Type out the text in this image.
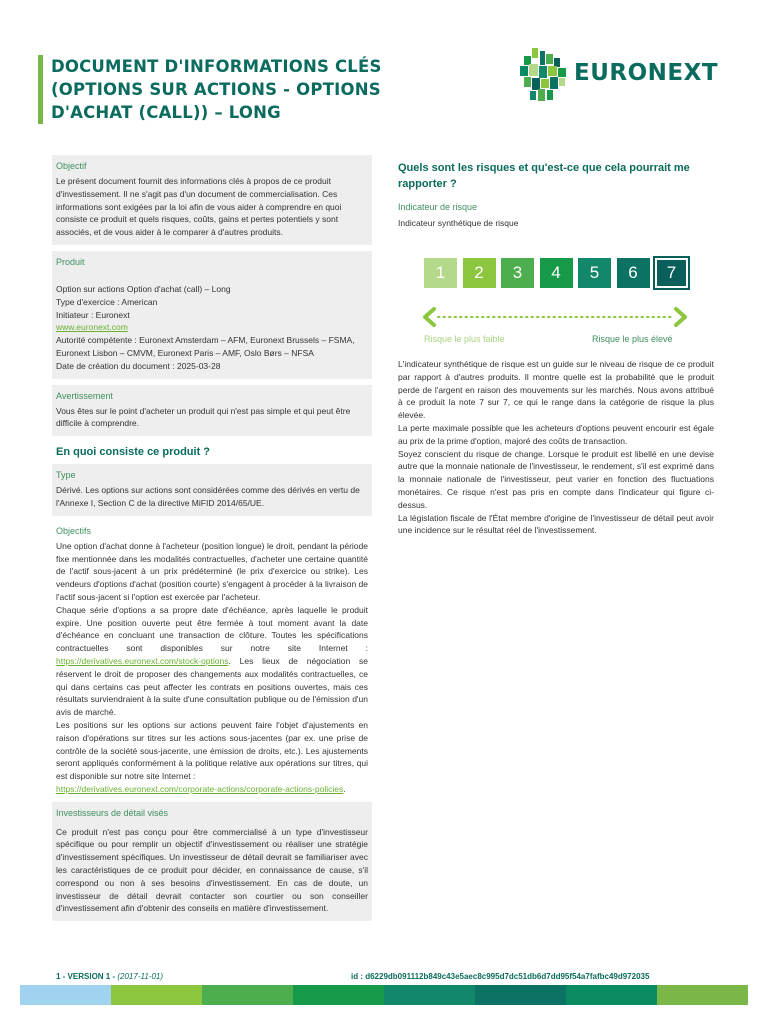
DOCUMENT D'INFORMATIONS CLÉS (OPTIONS SUR ACTIONS - OPTIONS D'ACHAT (CALL)) – LONG
EURONEXT
Objectif
Le présent document fournit des informations clés à propos de ce produit d'investissement. Il ne s'agit pas d'un document de commercialisation. Ces informations sont exigées par la loi afin de vous aider à comprendre en quoi consiste ce produit et quels risques, coûts, gains et pertes potentiels y sont associés, et de vous aider à le comparer à d'autres produits.
Produit
Option sur actions Option d'achat (call) – Long
Type d'exercice : American
Initiateur : Euronext
www.euronext.com
Autorité compétente : Euronext Amsterdam – AFM, Euronext Brussels – FSMA, Euronext Lisbon – CMVM, Euronext Paris – AMF, Oslo Børs – NFSA
Date de création du document : 2025-03-28
Avertissement
Vous êtes sur le point d'acheter un produit qui n'est pas simple et qui peut être difficile à comprendre.
En quoi consiste ce produit ?
Type
Dérivé. Les options sur actions sont considérées comme des dérivés en vertu de l'Annexe I, Section C de la directive MiFID 2014/65/UE.
Objectifs
Une option d'achat donne à l'acheteur (position longue) le droit, pendant la période fixe mentionnée dans les modalités contractuelles, d'acheter une certaine quantité de l'actif sous-jacent à un prix prédéterminé (le prix d'exercice ou strike). Les vendeurs d'options d'achat (position courte) s'engagent à procéder à la livraison de l'actif sous-jacent si l'option est exercée par l'acheteur.
Chaque série d'options a sa propre date d'échéance, après laquelle le produit expire. Une position ouverte peut être fermée à tout moment avant la date d'échéance en concluant une transaction de clôture. Toutes les spécifications contractuelles sont disponibles sur notre site Internet : https://derivatives.euronext.com/stock-options. Les lieux de négociation se réservent le droit de proposer des changements aux modalités contractuelles, ce qui dans certains cas peut affecter les contrats en positions ouvertes, mais ces résultats surviendraient à la suite d'une consultation publique ou de l'émission d'un avis de marché.
Les positions sur les options sur actions peuvent faire l'objet d'ajustements en raison d'opérations sur titres sur les actions sous-jacentes (par ex. une prise de contrôle de la société sous-jacente, une émission de droits, etc.). Les ajustements seront appliqués conformément à la politique relative aux opérations sur titres, qui est disponible sur notre site Internet :
https://derivatives.euronext.com/corporate-actions/corporate-actions-policies.
Investisseurs de détail visés
Ce produit n'est pas conçu pour être commercialisé à un type d'investisseur spécifique ou pour remplir un objectif d'investissement ou réaliser une stratégie d'investissement spécifiques. Un investisseur de détail devrait se familiariser avec les caractéristiques de ce produit pour décider, en connaissance de cause, s'il correspond ou non à ses besoins d'investissement. En cas de doute, un investisseur de détail devrait contacter son courtier ou son conseiller d'investissement afin d'obtenir des conseils en matière d'investissement.
Quels sont les risques et qu'est-ce que cela pourrait me rapporter ?
Indicateur de risque
Indicateur synthétique de risque
1	2	3	4	5	6	7
Risque le plus faible	Risque le plus élevé
L'indicateur synthétique de risque est un guide sur le niveau de risque de ce produit par rapport à d'autres produits. Il montre quelle est la probabilité que le produit perde de l'argent en raison des mouvements sur les marchés. Nous avons attribué à ce produit la note 7 sur 7, ce qui le range dans la catégorie de risque la plus élevée.
La perte maximale possible que les acheteurs d'options peuvent encourir est égale au prix de la prime d'option, majoré des coûts de transaction.
Soyez conscient du risque de change. Lorsque le produit est libellé en une devise autre que la monnaie nationale de l'investisseur, le rendement, s'il est exprimé dans la monnaie nationale de l'investisseur, peut varier en fonction des fluctuations monétaires. Ce risque n'est pas pris en compte dans l'indicateur qui figure ci-dessus.
La législation fiscale de l'État membre d'origine de l'investisseur de détail peut avoir une incidence sur le résultat réel de l'investissement.
1 - VERSION 1 - (2017-11-01)	id : d6229db091112b849c43e5aec8c995d7dc51db6d7dd95f54a7fafbc49d972035
